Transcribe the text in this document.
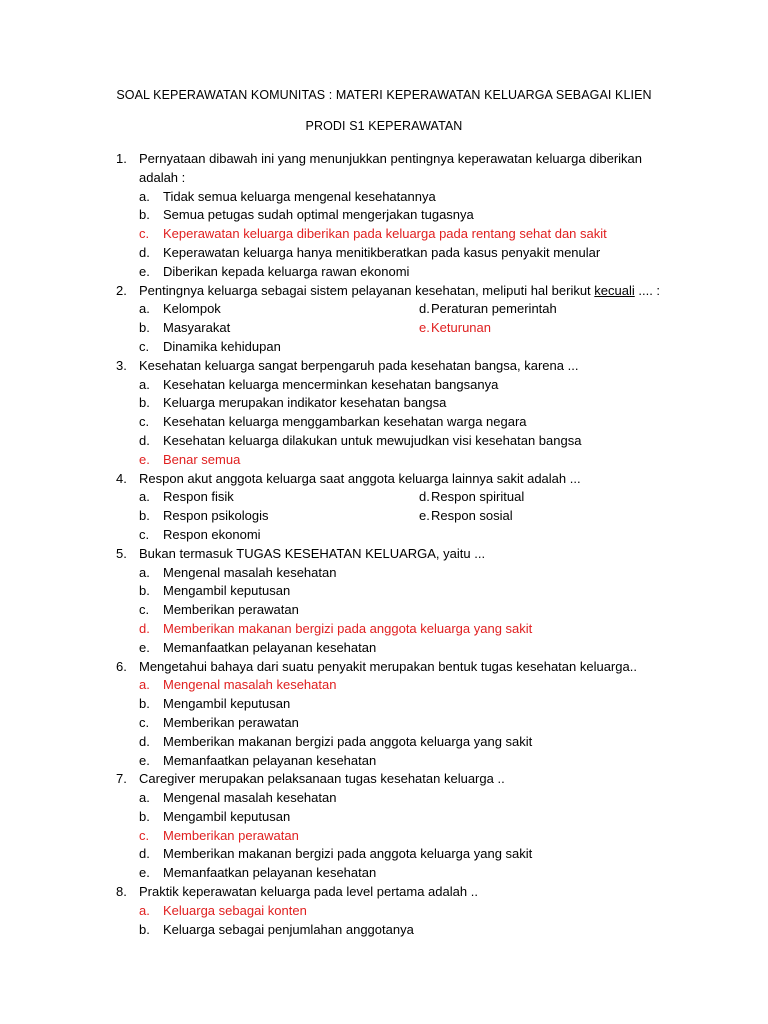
SOAL KEPERAWATAN KOMUNITAS : MATERI KEPERAWATAN KELUARGA SEBAGAI KLIEN
PRODI S1 KEPERAWATAN
1. Pernyataan dibawah ini yang menunjukkan pentingnya keperawatan keluarga diberikan
adalah :
a. Tidak semua keluarga mengenal kesehatannya
b. Semua petugas sudah optimal mengerjakan tugasnya
c. Keperawatan keluarga diberikan pada keluarga pada rentang sehat dan sakit
d. Keperawatan keluarga hanya menitikberatkan pada kasus penyakit menular
e. Diberikan kepada keluarga rawan ekonomi
2. Pentingnya keluarga sebagai sistem pelayanan kesehatan, meliputi hal berikut kecuali .... :
a. Kelompok	d. Peraturan pemerintah
b. Masyarakat	e. Keturunan
c. Dinamika kehidupan
3. Kesehatan keluarga sangat berpengaruh pada kesehatan bangsa, karena ...
a. Kesehatan keluarga mencerminkan kesehatan bangsanya
b. Keluarga merupakan indikator kesehatan bangsa
c. Kesehatan keluarga menggambarkan kesehatan warga negara
d. Kesehatan keluarga dilakukan untuk mewujudkan visi kesehatan bangsa
e. Benar semua
4. Respon akut anggota keluarga saat anggota keluarga lainnya sakit adalah ...
a. Respon fisik	d. Respon spiritual
b. Respon psikologis	e. Respon sosial
c. Respon ekonomi
5. Bukan termasuk TUGAS KESEHATAN KELUARGA, yaitu ...
a. Mengenal masalah kesehatan
b. Mengambil keputusan
c. Memberikan perawatan
d. Memberikan makanan bergizi pada anggota keluarga yang sakit
e. Memanfaatkan pelayanan kesehatan
6. Mengetahui bahaya dari suatu penyakit merupakan bentuk tugas kesehatan keluarga..
a. Mengenal masalah kesehatan
b. Mengambil keputusan
c. Memberikan perawatan
d. Memberikan makanan bergizi pada anggota keluarga yang sakit
e. Memanfaatkan pelayanan kesehatan
7. Caregiver merupakan pelaksanaan tugas kesehatan keluarga ..
a. Mengenal masalah kesehatan
b. Mengambil keputusan
c. Memberikan perawatan
d. Memberikan makanan bergizi pada anggota keluarga yang sakit
e. Memanfaatkan pelayanan kesehatan
8. Praktik keperawatan keluarga pada level pertama adalah ..
a. Keluarga sebagai konten
b. Keluarga sebagai penjumlahan anggotanya
